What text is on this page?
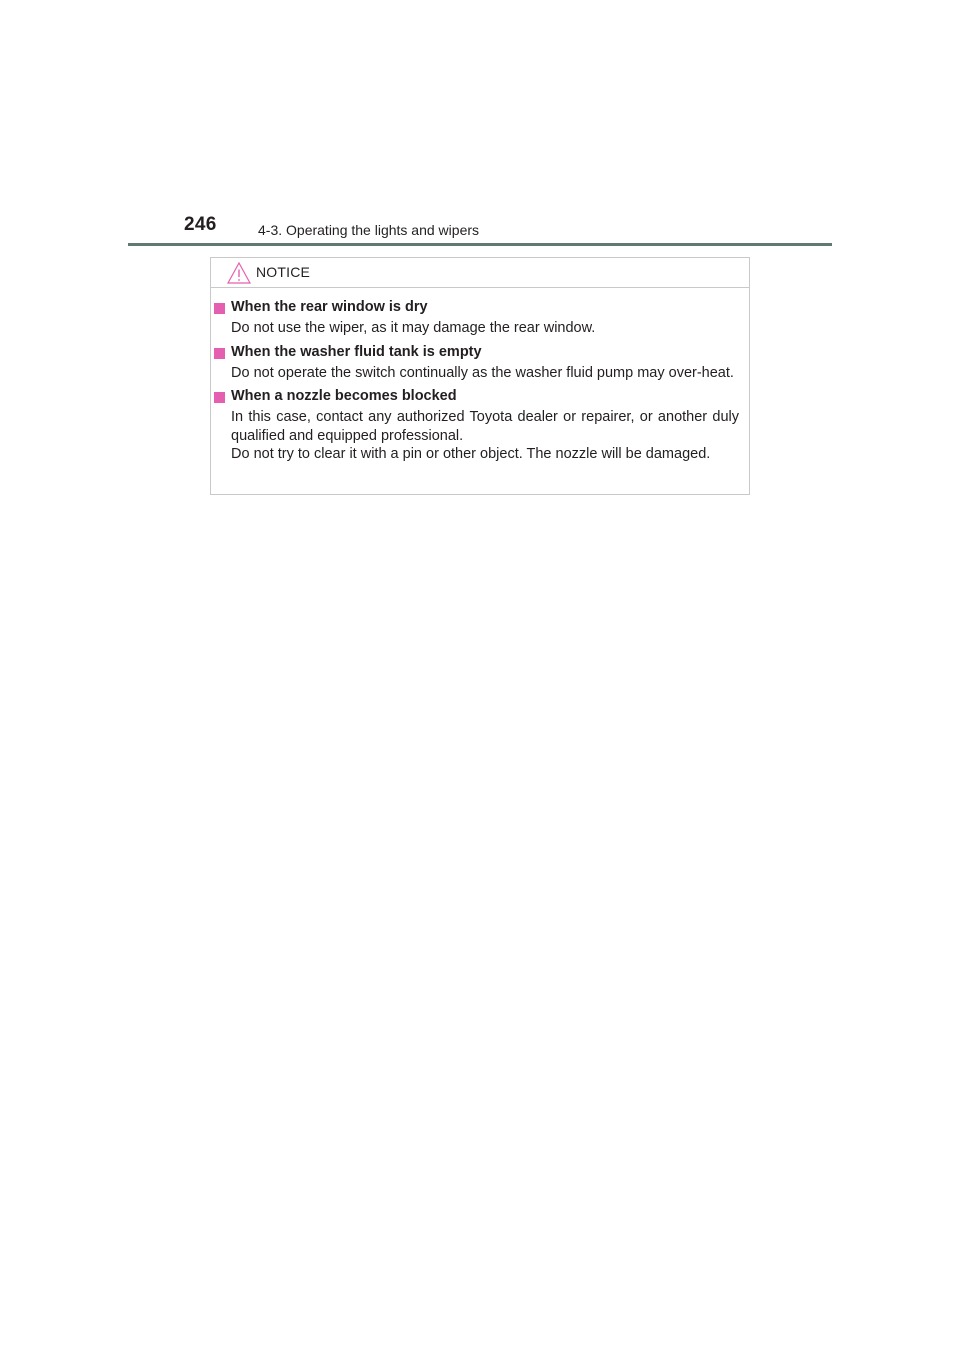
246	4-3. Operating the lights and wipers
NOTICE
When the rear window is dry

Do not use the wiper, as it may damage the rear window.

When the washer fluid tank is empty

Do not operate the switch continually as the washer fluid pump may over-heat.

When a nozzle becomes blocked

In this case, contact any authorized Toyota dealer or repairer, or another duly qualified and equipped professional.

Do not try to clear it with a pin or other object. The nozzle will be damaged.
